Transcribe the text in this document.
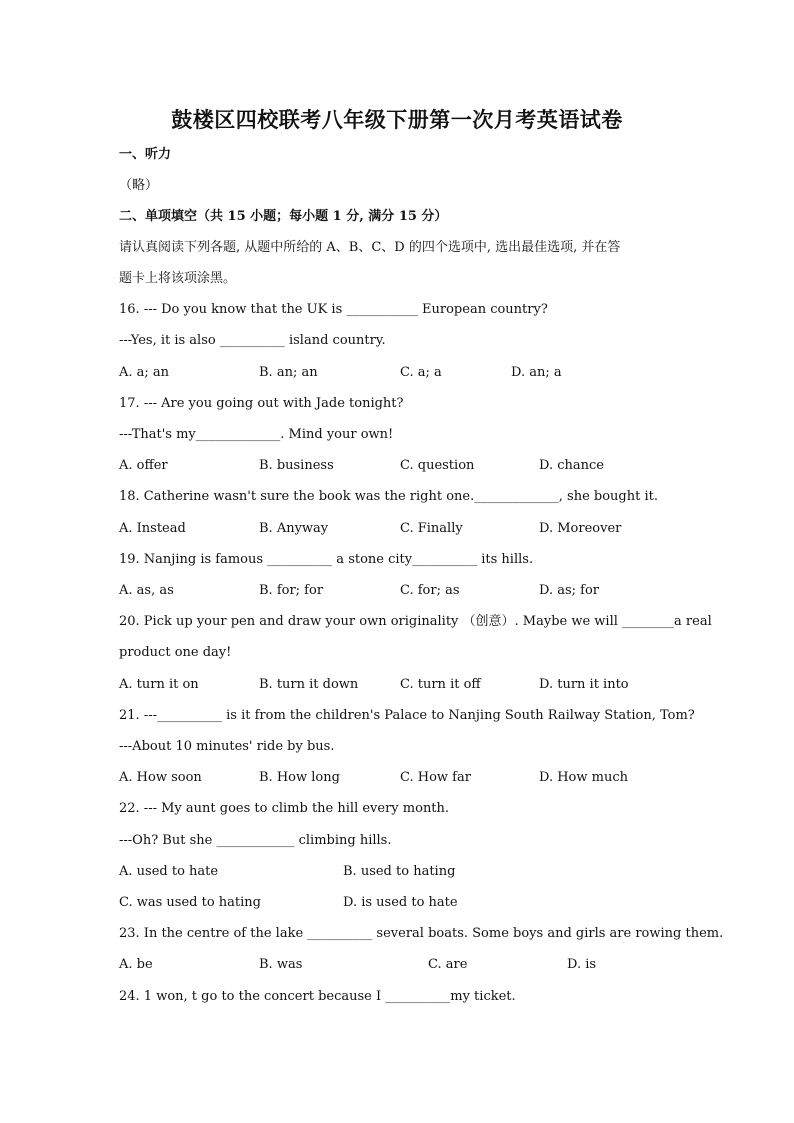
鼓楼区四校联考八年级下册第一次月考英语试卷
一、听力
（略）
二、单项填空（共 15 小题；每小题 1 分, 满分 15 分）
请认真阅读下列各题, 从题中所给的 A、B、C、D 的四个选项中, 选出最佳选项, 并在答
题卡上将该项涂黑。
16. --- Do you know that the UK is ___________ European country?
---Yes, it is also __________ island country.
A. a; an	B. an; an	C. a; a	D. an; a
17. --- Are you going out with Jade tonight?
---That's my_____________. Mind your own!
A. offer	B. business	C. question	D. chance
18. Catherine wasn't sure the book was the right one._____________, she bought it.
A. Instead	B. Anyway	C. Finally	D. Moreover
19. Nanjing is famous __________ a stone city__________ its hills.
A. as, as	B. for; for	C. for; as	D. as; for
20. Pick up your pen and draw your own originality （创意）. Maybe we will ________a real
product one day!
A. turn it on	B. turn it down	C. turn it off	D. turn it into
21. ---__________ is it from the children's Palace to Nanjing South Railway Station, Tom?
---About 10 minutes' ride by bus.
A. How soon	B. How long	C. How far	D. How much
22. --- My aunt goes to climb the hill every month.
---Oh? But she ____________ climbing hills.
A. used to hate	B. used to hating
C. was used to hating	D. is used to hate
23. In the centre of the lake __________ several boats. Some boys and girls are rowing them.
A. be	B. was	C. are	D. is
24. 1 won, t go to the concert because I __________my ticket.
